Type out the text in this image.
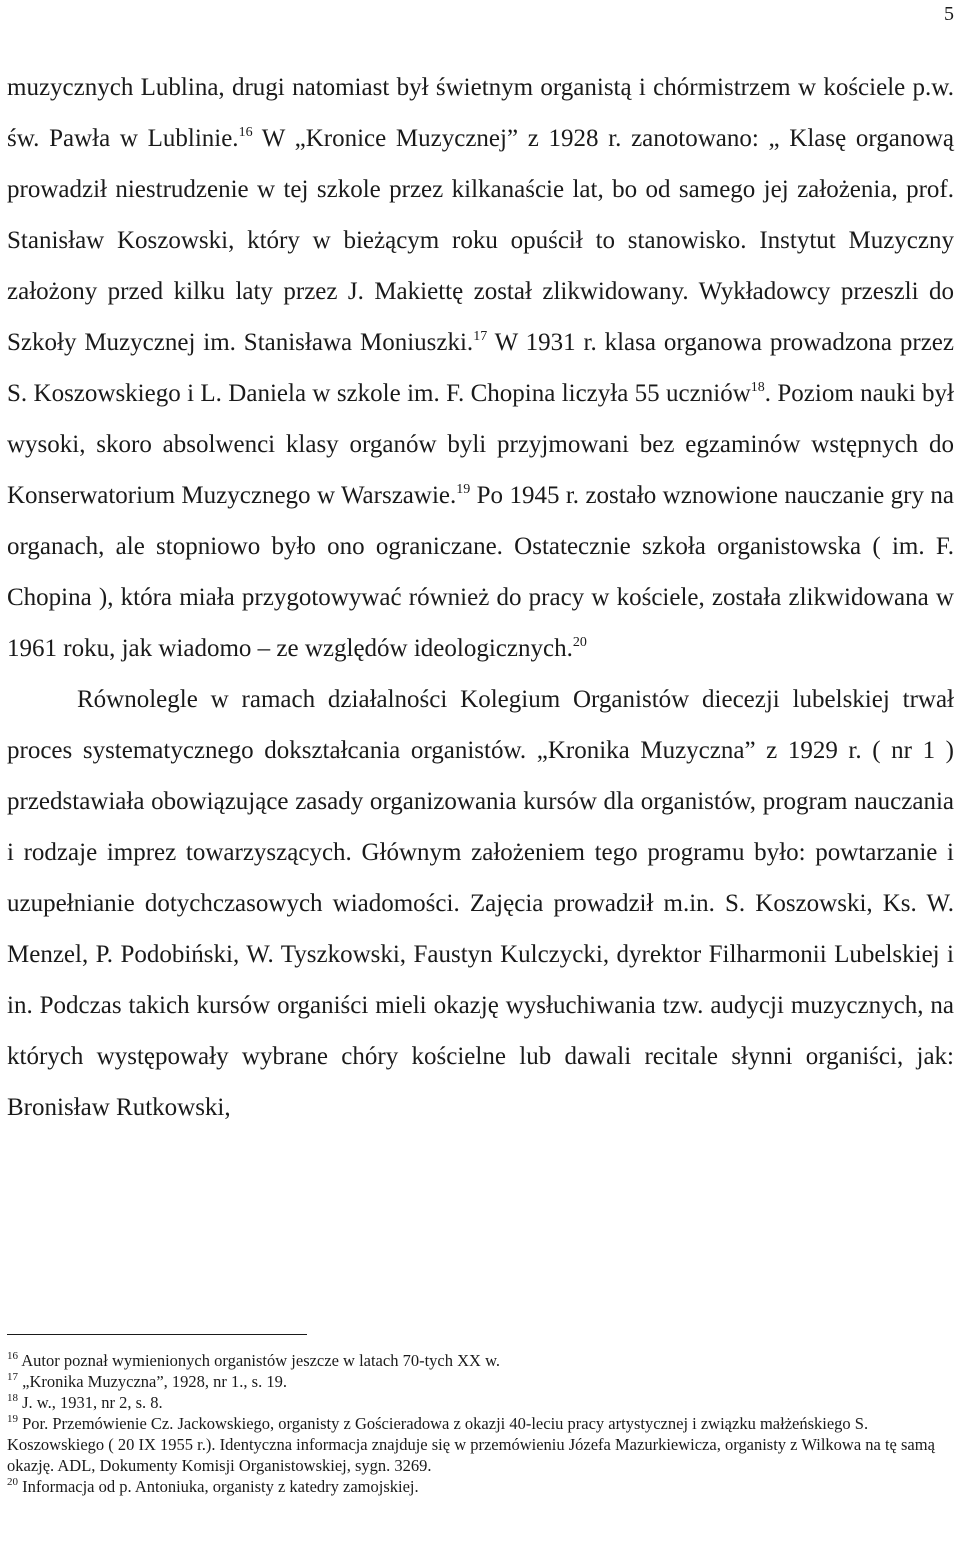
5

muzycznych Lublina, drugi natomiast był świetnym organistą i chórmistrzem w kościele p.w. św. Pawła w Lublinie.$^{16}$ W „Kronice Muzycznej” z 1928 r. zanotowano: „ Klasę organową prowadził niestrudzenie w tej szkole przez kilkanaście lat, bo od samego jej założenia, prof. Stanisław Koszowski, który w bieżącym roku opuścił to stanowisko. Instytut Muzyczny założony przed kilku laty przez J. Makiettę został zlikwidowany. Wykładowcy przeszli do Szkoły Muzycznej im. Stanisława Moniuszki.$^{17}$ W 1931 r. klasa organowa prowadzona przez S. Koszowskiego i L. Daniela w szkole im. F. Chopina liczyła 55 uczniów$^{18}$. Poziom nauki był wysoki, skoro absolwenci klasy organów byli przyjmowani bez egzaminów wstępnych do Konserwatorium Muzycznego w Warszawie.$^{19}$ Po 1945 r. zostało wznowione nauczanie gry na organach, ale stopniowo było ono ograniczane. Ostatecznie szkoła organistowska ( im. F. Chopina ), która miała przygotowywać również do pracy w kościele, została zlikwidowana w 1961 roku, jak wiadomo – ze względów ideologicznych.$^{20}$

Równolegle w ramach działalności Kolegium Organistów diecezji lubelskiej trwał proces systematycznego dokształcania organistów. „Kronika Muzyczna” z 1929 r. ( nr 1 ) przedstawiała obowiązujące zasady organizowania kursów dla organistów, program nauczania i rodzaje imprez towarzyszących. Głównym założeniem tego programu było: powtarzanie i uzupełnianie dotychczasowych wiadomości. Zajęcia prowadził m.in. S. Koszowski, Ks. W. Menzel, P. Podobiński, W. Tyszkowski, Faustyn Kulczycki, dyrektor Filharmonii Lubelskiej i in. Podczas takich kursów organiści mieli okazję wysłuchiwania tzw. audycji muzycznych, na których występowały wybrane chóry kościelne lub dawali recitale słynni organiści, jak: Bronisław Rutkowski,

$^{16}$ Autor poznał wymienionych organistów jeszcze w latach 70-tych XX w.

$^{17}$ „Kronika Muzyczna”, 1928, nr 1., s. 19.

$^{18}$ J. w., 1931, nr 2, s. 8.

$^{19}$ Por. Przemówienie Cz. Jackowskiego, organisty z Gościeradowa z okazji 40-leciu pracy artystycznej i związku małżeńskiego S. Koszowskiego ( 20 IX 1955 r.). Identyczna informacja znajduje się w przemówieniu Józefa Mazurkiewicza, organisty z Wilkowa na tę samą okazję. ADL, Dokumenty Komisji Organistowskiej, sygn. 3269.

$^{20}$ Informacja od p. Antoniuka, organisty z katedry zamojskiej.
